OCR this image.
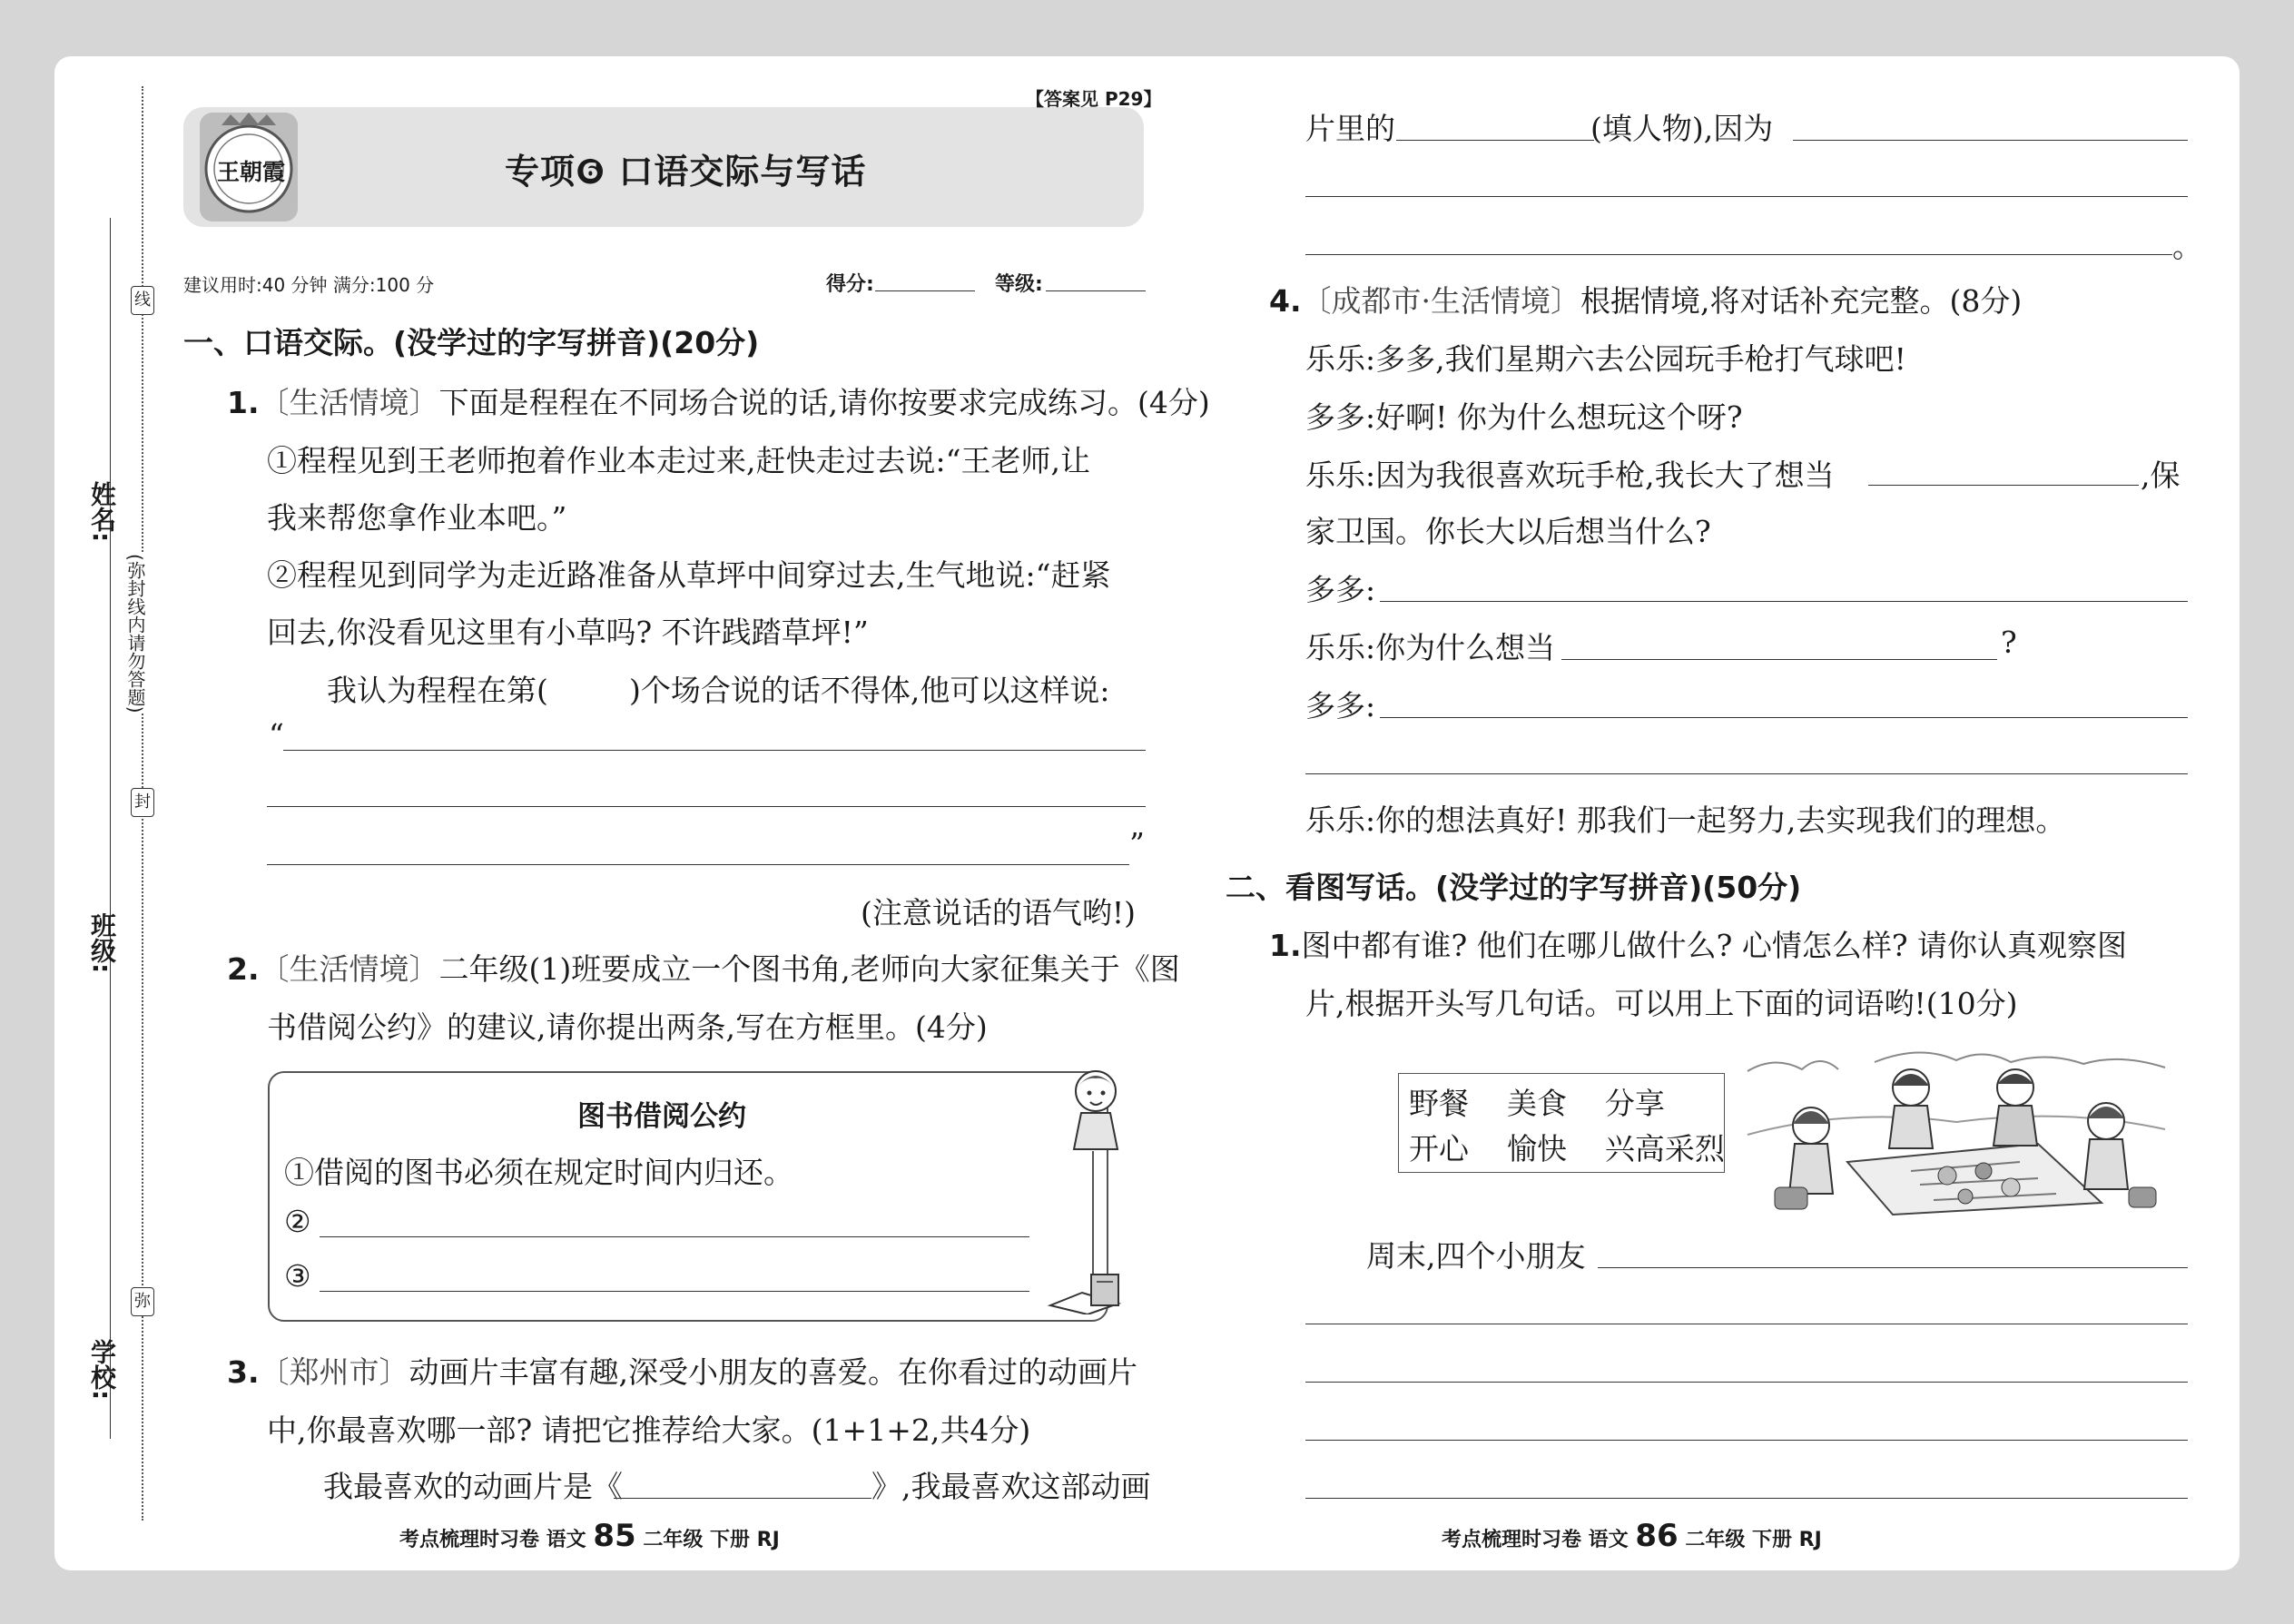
姓名:
班级:
学校:
(弥封线内请勿答题)
线
封
弥
王朝霞
【答案见 P29】
专项❻ 口语交际与写话
建议用时:40 分钟 满分:100 分	得分:	等级:
一、口语交际。(没学过的字写拼音)(20分)
1.〔生活情境〕下面是程程在不同场合说的话,请你按要求完成练习。(4分)
①程程见到王老师抱着作业本走过来,赶快走过去说:“王老师,让
我来帮您拿作业本吧。”
②程程见到同学为走近路准备从草坪中间穿过去,生气地说:“赶紧
回去,你没看见这里有小草吗? 不许践踏草坪!”
我认为程程在第(	)个场合说的话不得体,他可以这样说:
“
”
(注意说话的语气哟!)
2.〔生活情境〕二年级(1)班要成立一个图书角,老师向大家征集关于《图
书借阅公约》的建议,请你提出两条,写在方框里。(4分)
图书借阅公约
①借阅的图书必须在规定时间内归还。
②
③
3.〔郑州市〕动画片丰富有趣,深受小朋友的喜爱。在你看过的动画片
中,你最喜欢哪一部? 请把它推荐给大家。(1+1+2,共4分)
我最喜欢的动画片是《	》,我最喜欢这部动画
考点梳理时习卷 语文 85 二年级 下册 RJ
片里的	(填人物),因为
。
4.〔成都市·生活情境〕根据情境,将对话补充完整。(8分)
乐乐:多多,我们星期六去公园玩手枪打气球吧!
多多:好啊! 你为什么想玩这个呀?
乐乐:因为我很喜欢玩手枪,我长大了想当	,保
家卫国。你长大以后想当什么?
多多:
乐乐:你为什么想当	?
多多:
乐乐:你的想法真好! 那我们一起努力,去实现我们的理想。
二、看图写话。(没学过的字写拼音)(50分)
1.图中都有谁? 他们在哪儿做什么? 心情怎么样? 请你认真观察图
片,根据开头写几句话。可以用上下面的词语哟!(10分)
野餐    美食    分享
开心    愉快    兴高采烈
周末,四个小朋友
考点梳理时习卷 语文 86 二年级 下册 RJ
